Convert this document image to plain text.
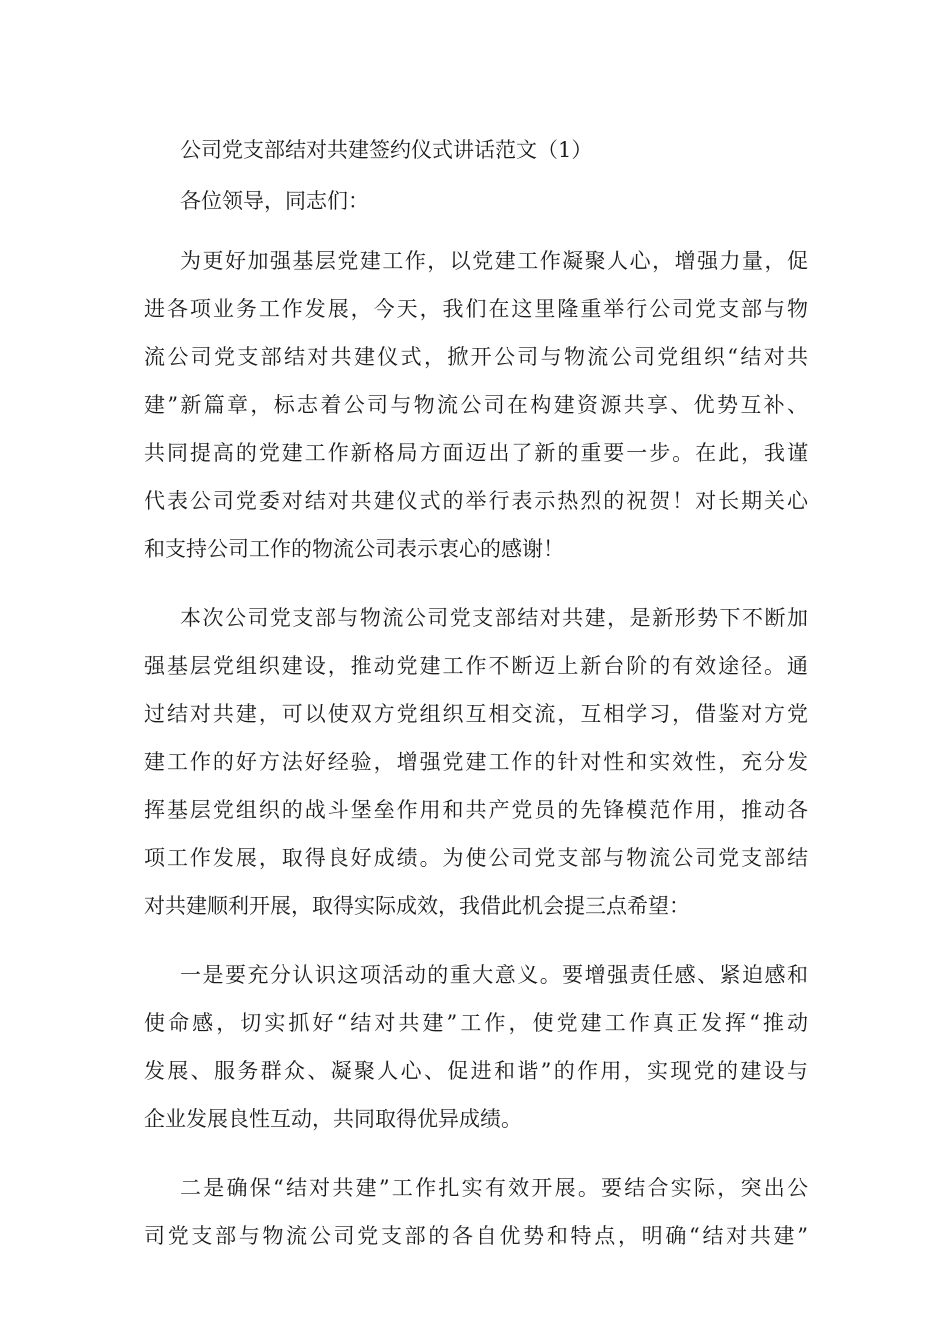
公司党支部结对共建签约仪式讲话范文（1）

各位领导，同志们：

为更好加强基层党建工作，以党建工作凝聚人心，增强力量，促
进各项业务工作发展，今天，我们在这里隆重举行公司党支部与物
流公司党支部结对共建仪式，掀开公司与物流公司党组织“结对共
建”新篇章，标志着公司与物流公司在构建资源共享、优势互补、
共同提高的党建工作新格局方面迈出了新的重要一步。在此，我谨
代表公司党委对结对共建仪式的举行表示热烈的祝贺！对长期关心
和支持公司工作的物流公司表示衷心的感谢！
本次公司党支部与物流公司党支部结对共建，是新形势下不断加
强基层党组织建设，推动党建工作不断迈上新台阶的有效途径。通
过结对共建，可以使双方党组织互相交流，互相学习，借鉴对方党
建工作的好方法好经验，增强党建工作的针对性和实效性，充分发
挥基层党组织的战斗堡垒作用和共产党员的先锋模范作用，推动各
项工作发展，取得良好成绩。为使公司党支部与物流公司党支部结
对共建顺利开展，取得实际成效，我借此机会提三点希望：
一是要充分认识这项活动的重大意义。要增强责任感、紧迫感和
使命感，切实抓好“结对共建”工作，使党建工作真正发挥“推动
发展、服务群众、凝聚人心、促进和谐”的作用，实现党的建设与
企业发展良性互动，共同取得优异成绩。
二是确保“结对共建”工作扎实有效开展。要结合实际，突出公
司党支部与物流公司党支部的各自优势和特点，明确“结对共建”
